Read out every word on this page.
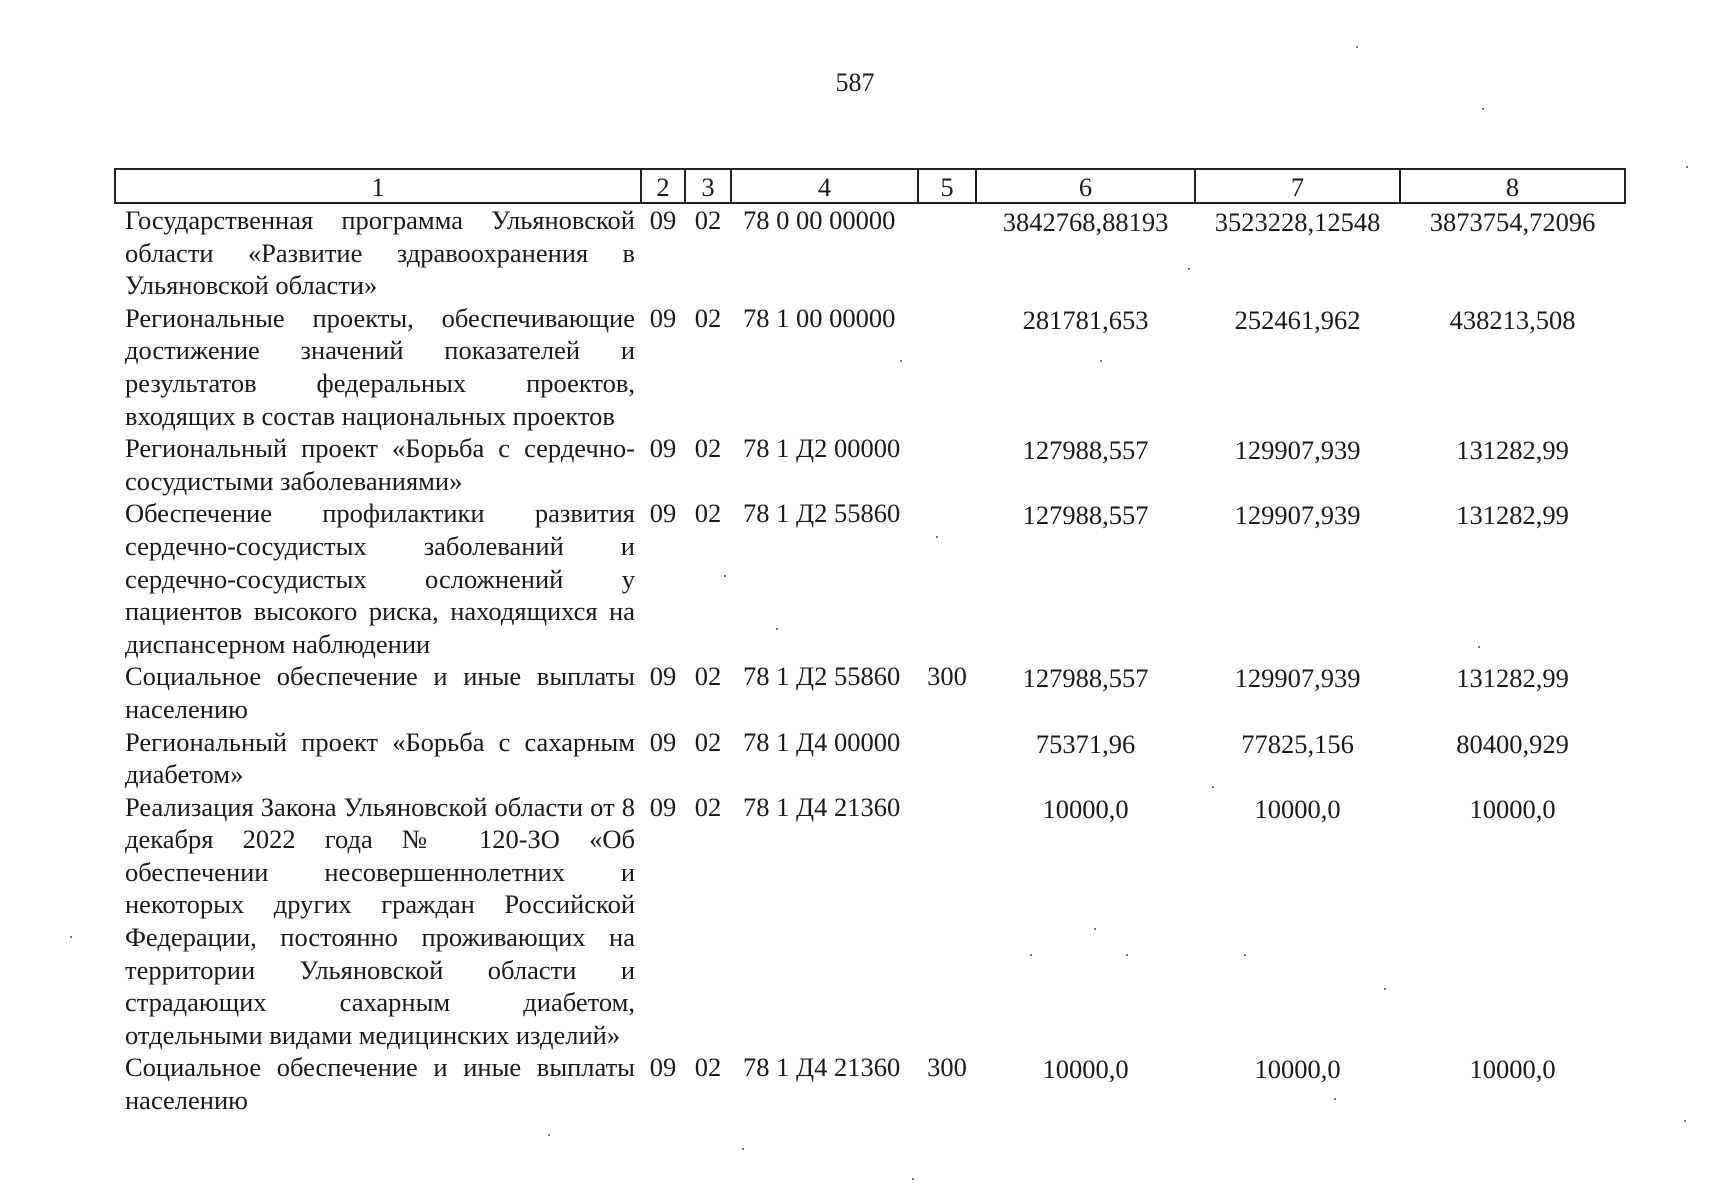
587
1	2	3	4	5	6	7	8
Государственная программа Ульяновской области «Развитие здравоохранения в Ульяновской области»	09	02	78 0 00 00000		3842768,88193	3523228,12548	3873754,72096
Региональные проекты, обеспечивающие достижение значений показателей и результатов федеральных проектов, входящих в состав национальных проектов	09	02	78 1 00 00000		281781,653	252461,962	438213,508
Региональный проект «Борьба с сердечно-сосудистыми заболеваниями»	09	02	78 1 Д2 00000		127988,557	129907,939	131282,99
Обеспечение профилактики развития сердечно-сосудистых заболеваний и сердечно-сосудистых осложнений у пациентов высокого риска, находящихся на диспансерном наблюдении	09	02	78 1 Д2 55860		127988,557	129907,939	131282,99
Социальное обеспечение и иные выплаты населению	09	02	78 1 Д2 55860	300	127988,557	129907,939	131282,99
Региональный проект «Борьба с сахарным диабетом»	09	02	78 1 Д4 00000		75371,96	77825,156	80400,929
Реализация Закона Ульяновской области от 8 декабря 2022 года № 120-ЗО «Об обеспечении несовершеннолетних и некоторых других граждан Российской Федерации, постоянно проживающих на территории Ульяновской области и страдающих сахарным диабетом, отдельными видами медицинских изделий»	09	02	78 1 Д4 21360		10000,0	10000,0	10000,0
Социальное обеспечение и иные выплаты населению	09	02	78 1 Д4 21360	300	10000,0	10000,0	10000,0
